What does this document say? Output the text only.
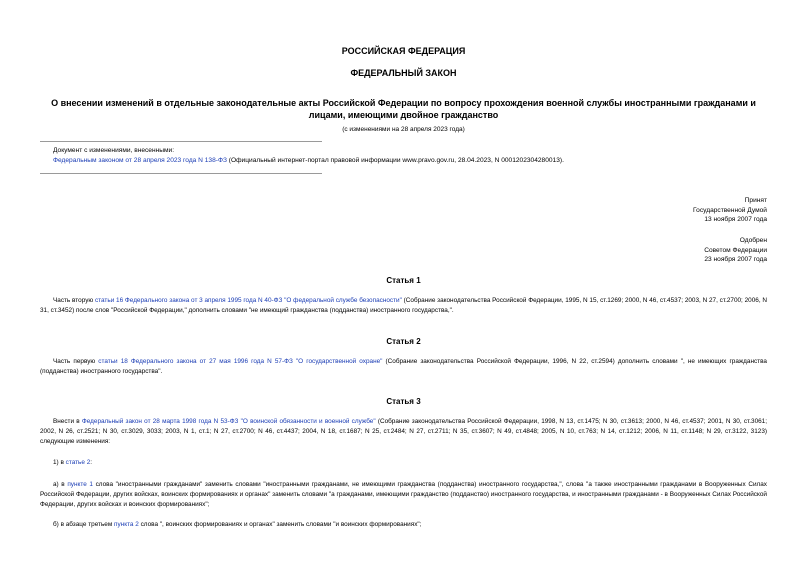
РОССИЙСКАЯ ФЕДЕРАЦИЯ
ФЕДЕРАЛЬНЫЙ ЗАКОН
О внесении изменений в отдельные законодательные акты Российской Федерации по вопросу прохождения военной службы иностранными гражданами и лицами, имеющими двойное гражданство
(с изменениями на 28 апреля 2023 года)
Документ с изменениями, внесенными:
Федеральным законом от 28 апреля 2023 года N 138-ФЗ (Официальный интернет-портал правовой информации www.pravo.gov.ru, 28.04.2023, N 0001202304280013).
Принят
Государственной Думой
13 ноября 2007 года
Одобрен
Советом Федерации
23 ноября 2007 года
Статья 1
Часть вторую статьи 16 Федерального закона от 3 апреля 1995 года N 40-ФЗ "О федеральной службе безопасности" (Собрание законодательства Российской Федерации, 1995, N 15, ст.1269; 2000, N 46, ст.4537; 2003, N 27, ст.2700; 2006, N 31, ст.3452) после слов "Российской Федерации," дополнить словами "не имеющий гражданства (подданства) иностранного государства,".
Статья 2
Часть первую статьи 18 Федерального закона от 27 мая 1996 года N 57-ФЗ "О государственной охране" (Собрание законодательства Российской Федерации, 1996, N 22, ст.2594) дополнить словами ", не имеющих гражданства (подданства) иностранного государства".
Статья 3
Внести в Федеральный закон от 28 марта 1998 года N 53-ФЗ "О воинской обязанности и военной службе" (Собрание законодательства Российской Федерации, 1998, N 13, ст.1475; N 30, ст.3613; 2000, N 46, ст.4537; 2001, N 30, ст.3061; 2002, N 26, ст.2521; N 30, ст.3029, 3033; 2003, N 1, ст.1; N 27, ст.2700; N 46, ст.4437; 2004, N 18, ст.1687; N 25, ст.2484; N 27, ст.2711; N 35, ст.3607; N 49, ст.4848; 2005, N 10, ст.763; N 14, ст.1212; 2006, N 11, ст.1148; N 29, ст.3122, 3123) следующие изменения:
1) в статье 2:
а) в пункте 1 слова "иностранными гражданами" заменить словами "иностранными гражданами, не имеющими гражданства (подданства) иностранного государства,", слова "а также иностранными гражданами в Вооруженных Силах Российской Федерации, других войсках, воинских формированиях и органах" заменить словами "а гражданами, имеющими гражданство (подданство) иностранного государства, и иностранными гражданами - в Вооруженных Силах Российской Федерации, других войсках и воинских формированиях";
б) в абзаце третьем пункта 2 слова ", воинских формированиях и органах" заменить словами "и воинских формированиях";
